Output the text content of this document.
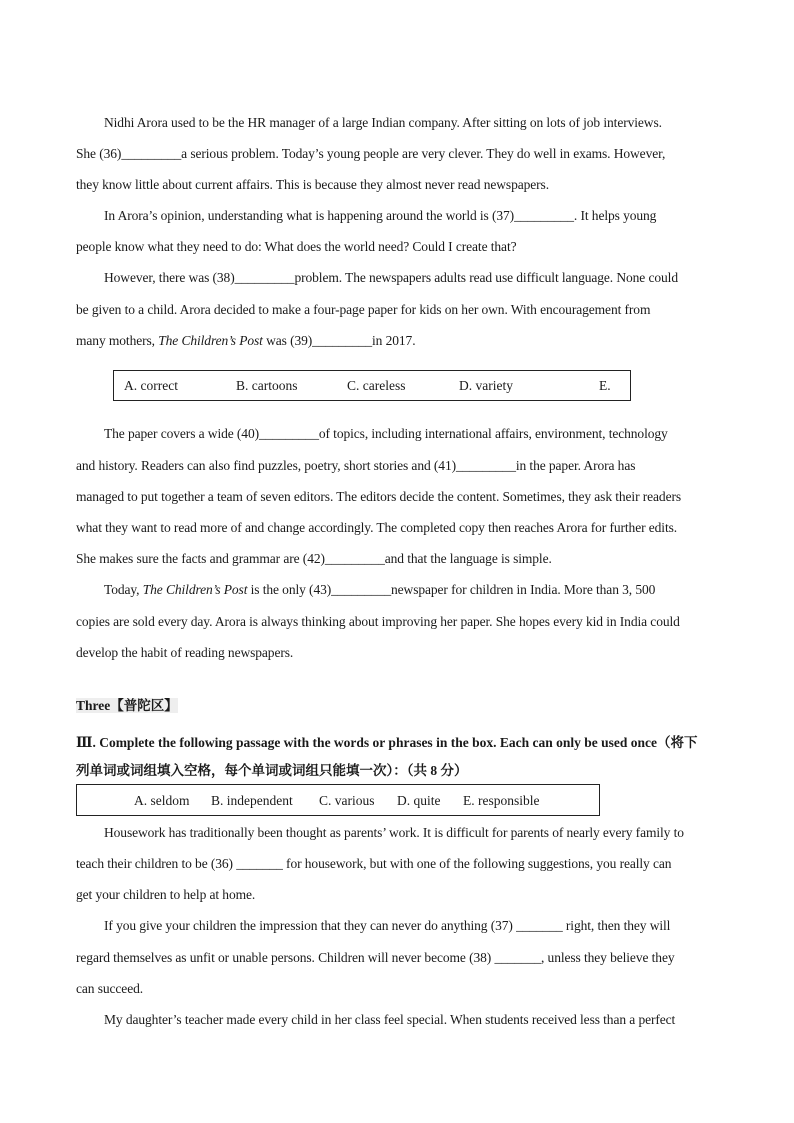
Nidhi Arora used to be the HR manager of a large Indian company. After sitting on lots of job interviews.
She (36)_________a serious problem. Today’s young people are very clever. They do well in exams. However,
they know little about current affairs. This is because they almost never read newspapers.
In Arora’s opinion, understanding what is happening around the world is (37)_________. It helps young
people know what they need to do: What does the world need? Could I create that?
However, there was (38)_________problem. The newspapers adults read use difficult language. None could
be given to a child. Arora decided to make a four-page paper for kids on her own. With encouragement from
many mothers, The Children’s Post was (39)_________in 2017.
A. correct	B. cartoons	C. careless	D. variety	E.
The paper covers a wide (40)_________of topics, including international affairs, environment, technology
and history. Readers can also find puzzles, poetry, short stories and (41)_________in the paper. Arora has
managed to put together a team of seven editors. The editors decide the content. Sometimes, they ask their readers
what they want to read more of and change accordingly. The completed copy then reaches Arora for further edits.
She makes sure the facts and grammar are (42)_________and that the language is simple.
Today, The Children’s Post is the only (43)_________newspaper for children in India. More than 3, 500
copies are sold every day. Arora is always thinking about improving her paper. She hopes every kid in India could
develop the habit of reading newspapers.
Three【普陀区】
Ⅲ. Complete the following passage with the words or phrases in the box. Each can only be used once（将下
列单词或词组填入空格，每个单词或词组只能填一次）：（共 8 分）
A. seldom B. independent C. various D. quite E. responsible
Housework has traditionally been thought as parents’ work. It is difficult for parents of nearly every family to
teach their children to be (36) _______ for housework, but with one of the following suggestions, you really can
get your children to help at home.
If you give your children the impression that they can never do anything (37) _______ right, then they will
regard themselves as unfit or unable persons. Children will never become (38) _______, unless they believe they
can succeed.
My daughter’s teacher made every child in her class feel special. When students received less than a perfect
